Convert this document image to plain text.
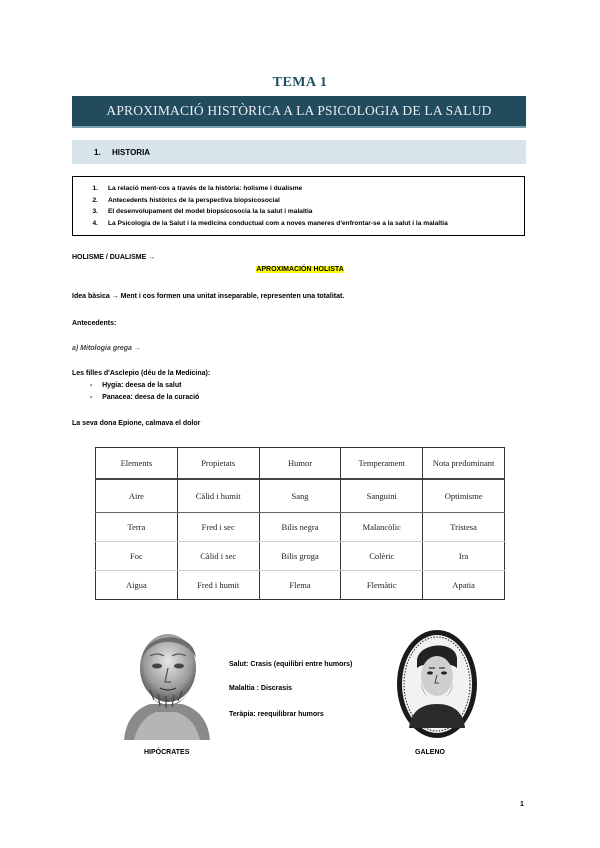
TEMA 1
APROXIMACIÓ HISTÒRICA A LA PSICOLOGIA DE LA SALUD
1.	HISTORIA
1.	La relació ment-cos a través de la història: holisme i dualisme
2.	Antecedents històrics de la perspectiva biopsicosocial
3.	El desenvolupament del model biopsicosocia la la salut i malaltia
4.	La Psicologia de la Salut i la medicina conductual com a noves maneres d'enfrontar-se a la salut i la malaltia
HOLISME / DUALISME →
APROXIMACIÓN HOLISTA
Idea bàsica → Ment i cos formen una unitat inseparable, representen una totalitat.
Antecedents:
a) Mitologia grega →
Les filles d'Asclepio (déu de la Medicina):
-     Hygia: deesa de la salut
-     Panacea: deesa de la curació
La seva dona Epione, calmava el dolor
Elements	Propietats	Humor	Temperament	Nota predominant
Aire	Càlid i humit	Sang	Sanguini	Optimisme
Terra	Fred i sec	Bilis negra	Malancòlic	Tristesa
Foc	Càlid i sec	Bilis groga	Colèric	Ira
Aigua	Fred i humit	Flema	Flemàtic	Apatia
Salut: Crasis (equilibri entre humors)
Malaltia : Discrasis
Teràpia: reequilibrar humors
HIPÓCRATES	GALENO
1
